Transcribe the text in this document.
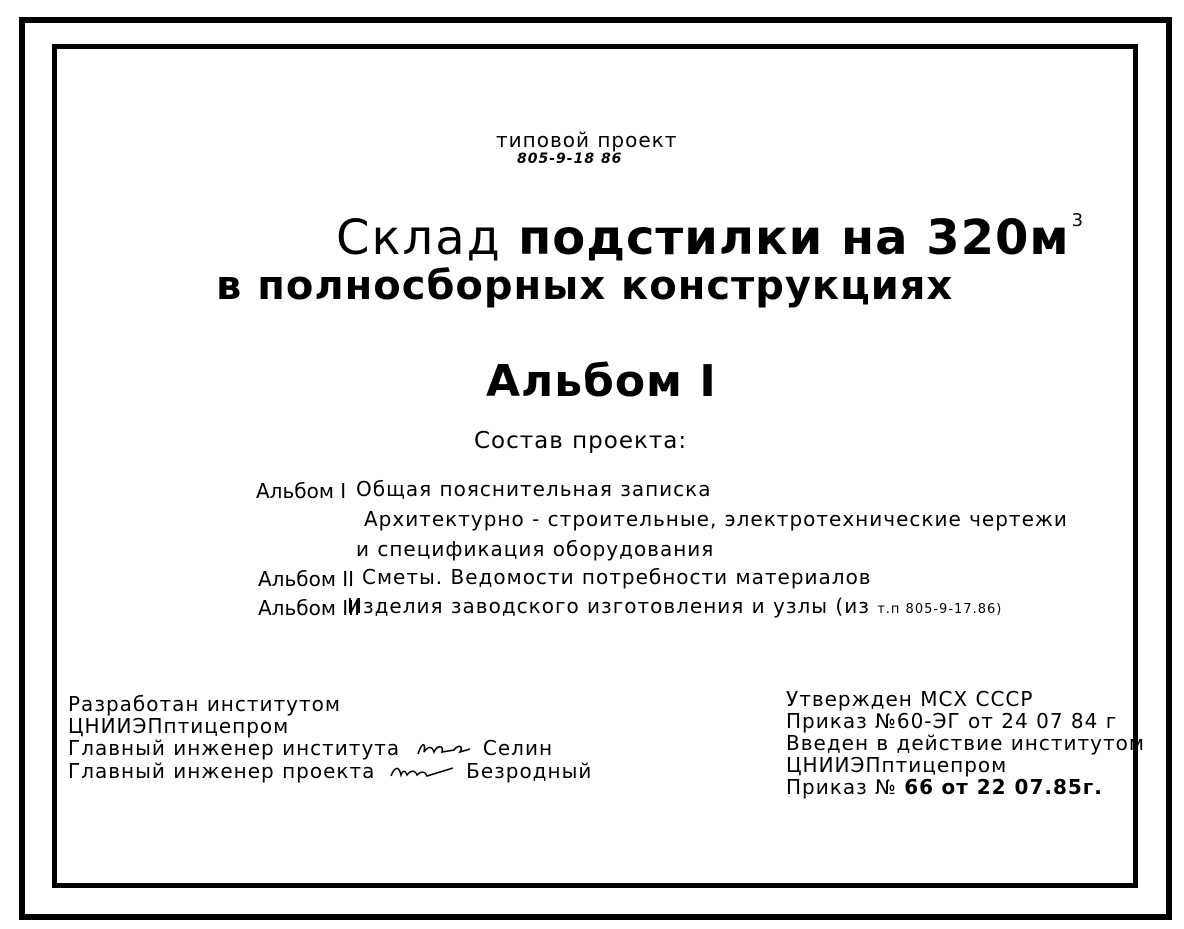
типовой проект
805-9-18 86
Склад подстилки на 320м $^3$
в полносборных конструкциях
Альбом I
Состав проекта:
Альбом I Общая пояснительная записка
Архитектурно - строительные, электротехнические чертежи
и спецификация оборудования
Альбом II Сметы. Ведомости потребности материалов
Альбом III
Изделия заводского изготовления и узлы (из т.п 805-9-17.86)
Разработан институтом
ЦНИИЭПптицепром
Главный инженер института	Селин
Главный инженер проекта	Безродный
Утвержден МСХ СССР
Приказ №60-ЭГ от 24 07 84 г
Введен в действие институтом
ЦНИИЭПптицепром
Приказ № 66 от 22 07.85г.
